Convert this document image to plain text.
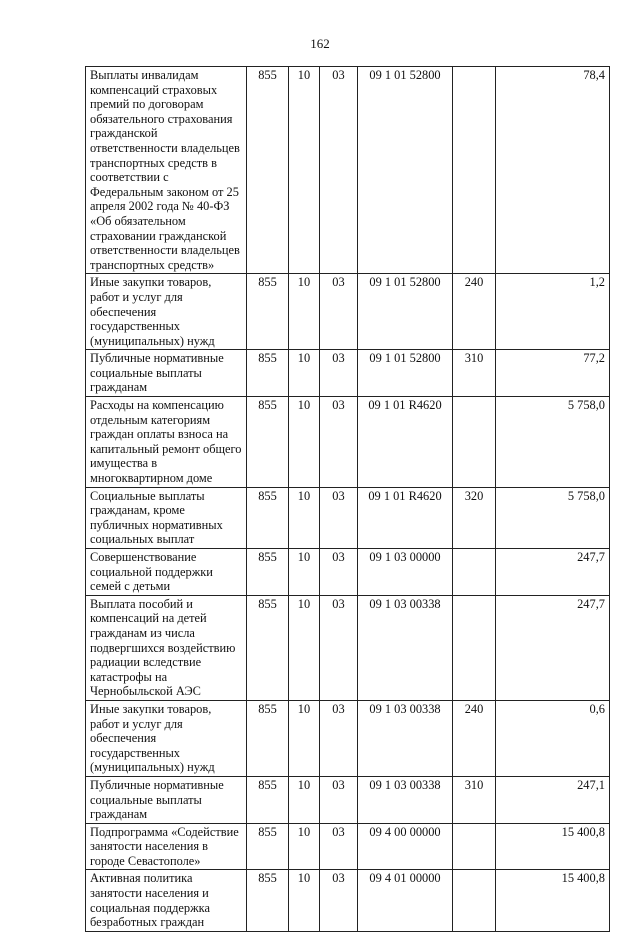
162
Выплаты инвалидам компенсаций страховых премий по договорам обязательного страхования гражданской ответственности владельцев транспортных средств в соответствии с Федеральным законом от 25 апреля 2002 года № 40-ФЗ «Об обязательном страховании гражданской ответственности владельцев транспортных средств»	855	10	03	09 1 01 52800		78,4
Иные закупки товаров, работ и услуг для обеспечения государственных (муниципальных) нужд	855	10	03	09 1 01 52800	240	1,2
Публичные нормативные социальные выплаты гражданам	855	10	03	09 1 01 52800	310	77,2
Расходы на компенсацию отдельным категориям граждан оплаты взноса на капитальный ремонт общего имущества в многоквартирном доме	855	10	03	09 1 01 R4620		5 758,0
Социальные выплаты гражданам, кроме публичных нормативных социальных выплат	855	10	03	09 1 01 R4620	320	5 758,0
Совершенствование социальной поддержки семей с детьми	855	10	03	09 1 03 00000		247,7
Выплата пособий и компенсаций на детей гражданам из числа подвергшихся воздействию радиации вследствие катастрофы на Чернобыльской АЭС	855	10	03	09 1 03 00338		247,7
Иные закупки товаров, работ и услуг для обеспечения государственных (муниципальных) нужд	855	10	03	09 1 03 00338	240	0,6
Публичные нормативные социальные выплаты гражданам	855	10	03	09 1 03 00338	310	247,1
Подпрограмма «Содействие занятости населения в городе Севастополе»	855	10	03	09 4 00 00000		15 400,8
Активная политика занятости населения и социальная поддержка безработных граждан	855	10	03	09 4 01 00000		15 400,8
